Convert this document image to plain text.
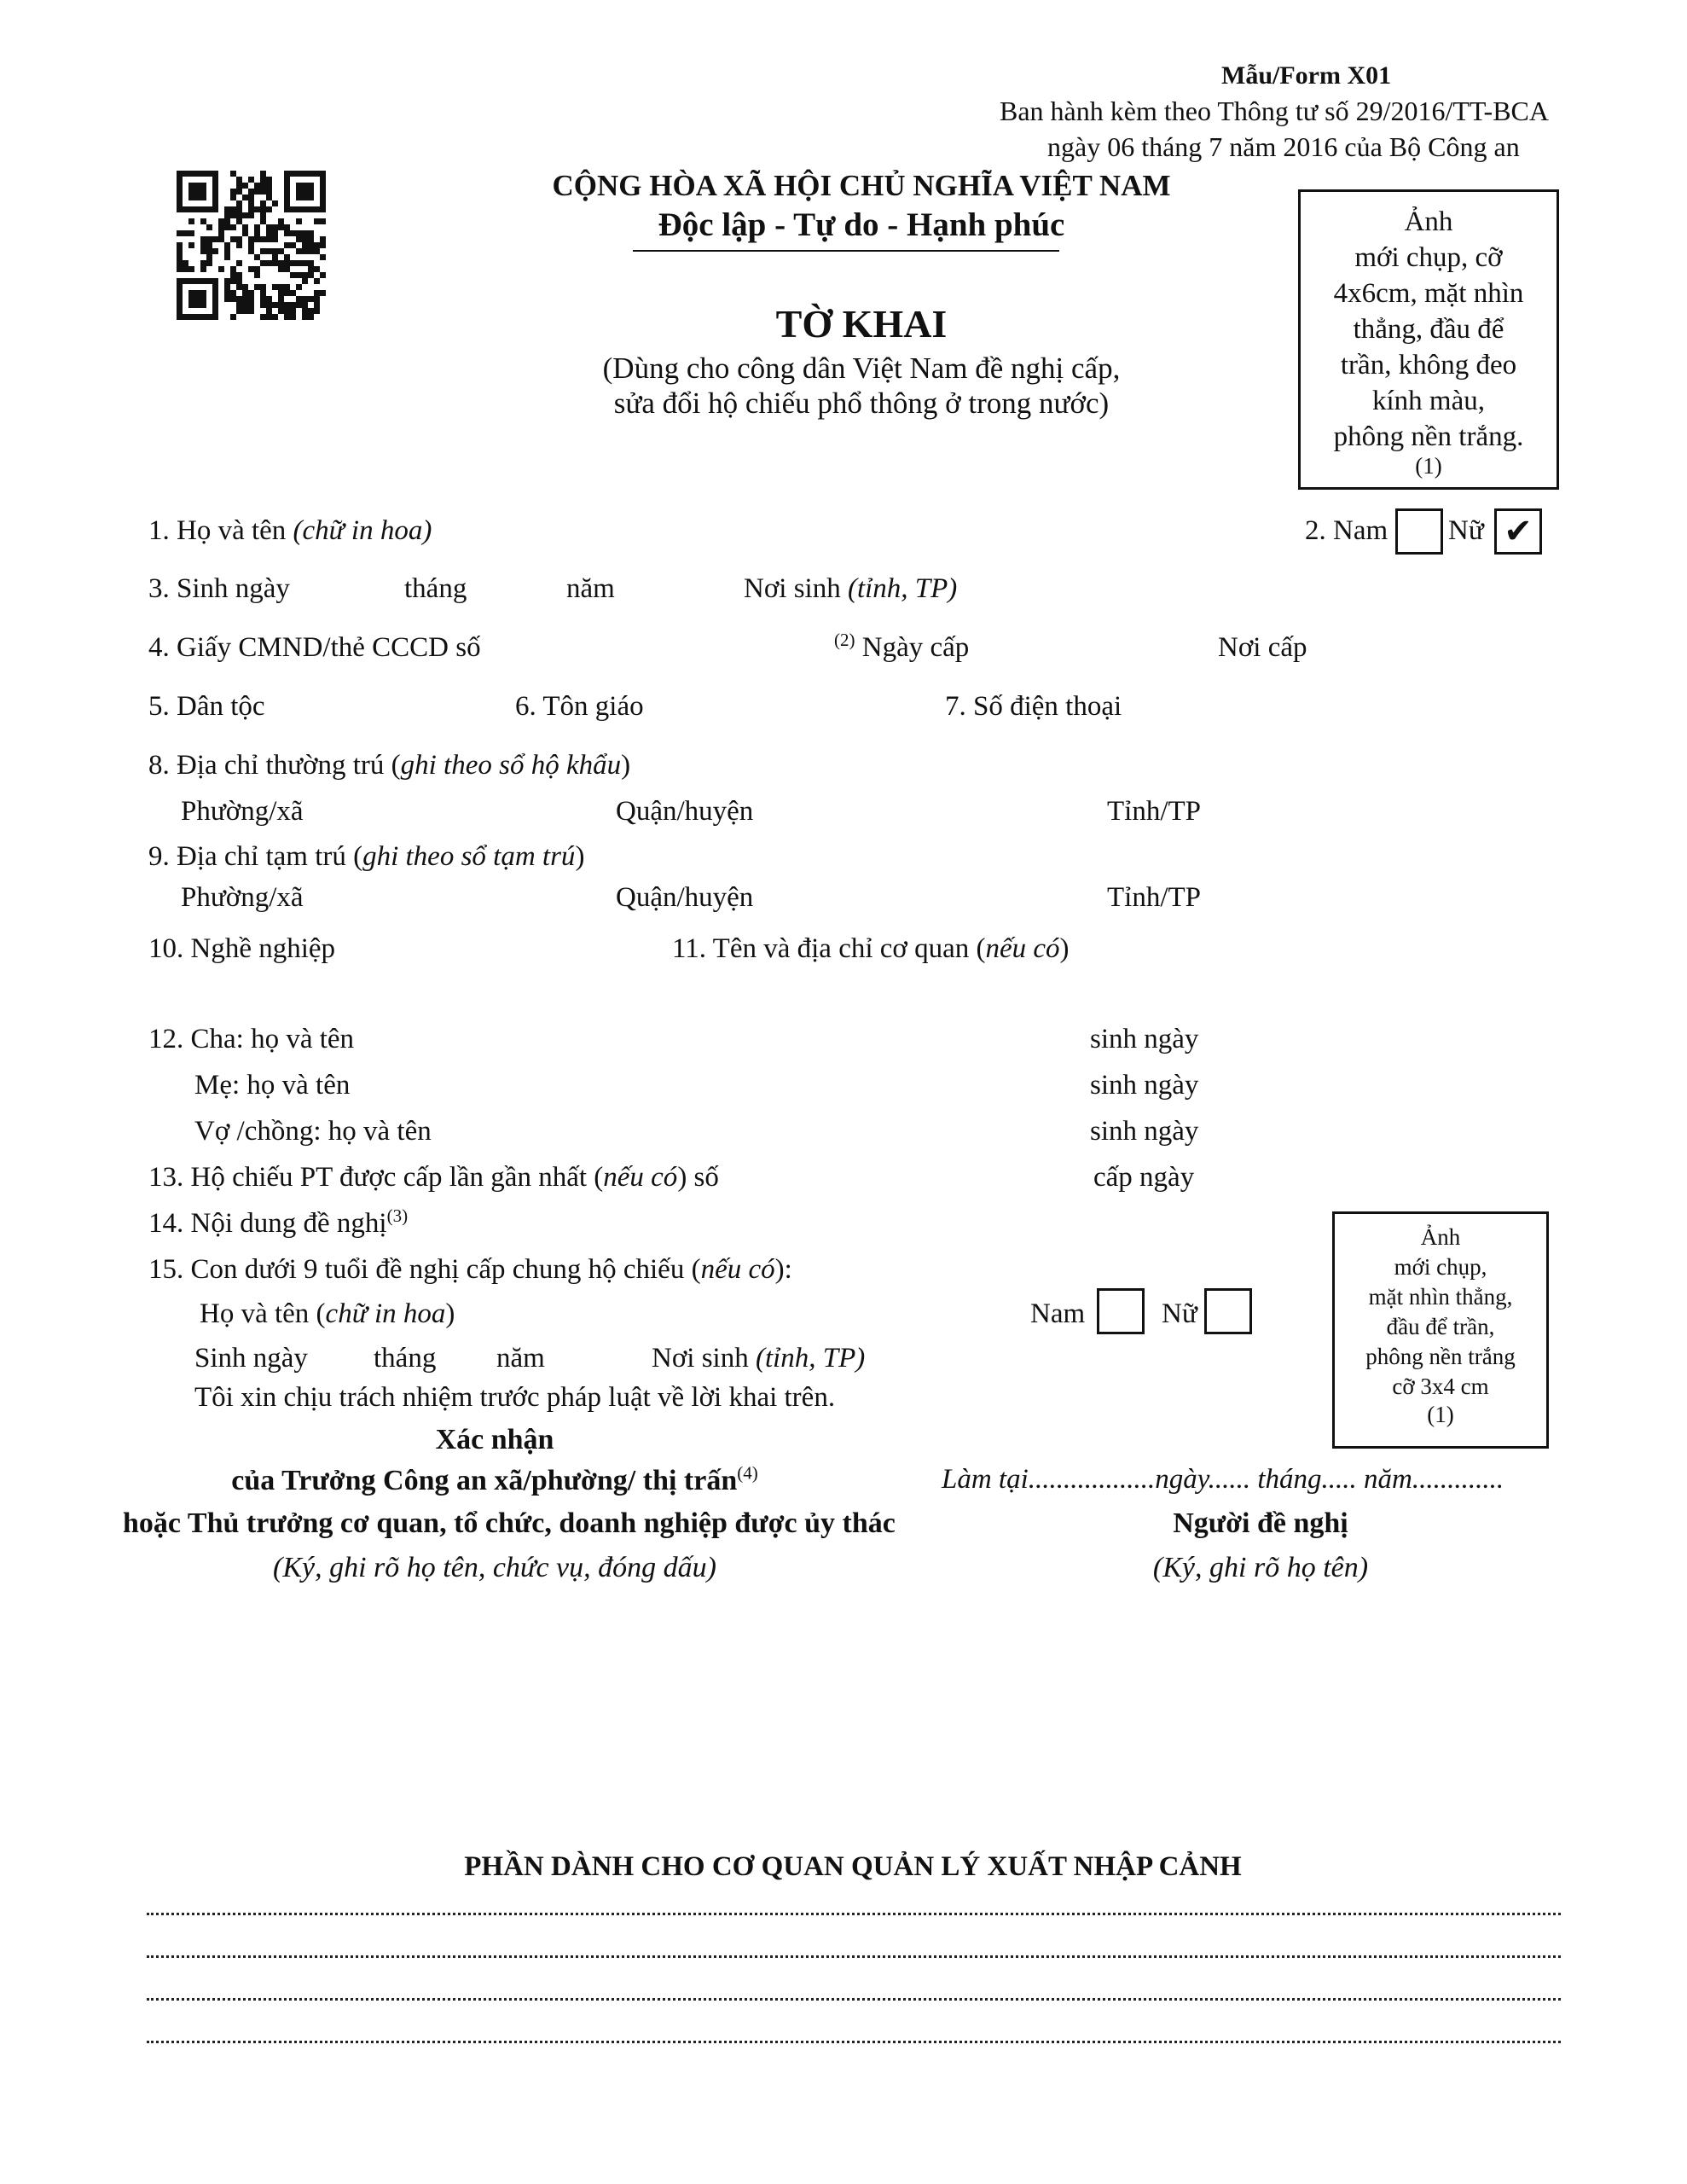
Mẫu/Form X01
Ban hành kèm theo Thông tư số 29/2016/TT-BCA
ngày 06 tháng 7 năm 2016 của Bộ Công an
CỘNG HÒA XÃ HỘI CHỦ NGHĨA VIỆT NAM
Độc lập - Tự do - Hạnh phúc
TỜ KHAI
(Dùng cho công dân Việt Nam đề nghị cấp,
sửa đổi hộ chiếu phổ thông ở trong nước)
Ảnh
mới chụp, cỡ
4x6cm, mặt nhìn
thẳng, đầu để
trần, không đeo
kính màu,
phông nền trắng.
(1)
1. Họ và tên (chữ in hoa)	2. Nam Nữ ✔
3. Sinh ngày	tháng	năm	Nơi sinh (tỉnh, TP)
4. Giấy CMND/thẻ CCCD số	$^{(2)}$ Ngày cấp	Nơi cấp
5. Dân tộc	6. Tôn giáo	7. Số điện thoại
8. Địa chỉ thường trú (ghi theo sổ hộ khẩu)
Phường/xã	Quận/huyện	Tỉnh/TP
9. Địa chỉ tạm trú (ghi theo sổ tạm trú)
Phường/xã	Quận/huyện	Tỉnh/TP
10. Nghề nghiệp	11. Tên và địa chỉ cơ quan (nếu có)
12. Cha: họ và tên	sinh ngày
Mẹ: họ và tên	sinh ngày
Vợ /chồng: họ và tên	sinh ngày
13. Hộ chiếu PT được cấp lần gần nhất (nếu có) số	cấp ngày
14. Nội dung đề nghị$^{(3)}$
15. Con dưới 9 tuổi đề nghị cấp chung hộ chiếu (nếu có):
Họ và tên (chữ in hoa)	Nam	Nữ
Sinh ngày tháng năm	Nơi sinh (tỉnh, TP)
Tôi xin chịu trách nhiệm trước pháp luật về lời khai trên.
Ảnh
mới chụp,
mặt nhìn thẳng,
đầu để trần,
phông nền trắng
cỡ 3x4 cm
(1)
Xác nhận
của Trưởng Công an xã/phường/ thị trấn$^{(4)}$
hoặc Thủ trưởng cơ quan, tổ chức, doanh nghiệp được ủy thác
(Ký, ghi rõ họ tên, chức vụ, đóng dấu)
Làm tại..................ngày...... tháng..... năm.............
Người đề nghị
(Ký, ghi rõ họ tên)
PHẦN DÀNH CHO CƠ QUAN QUẢN LÝ XUẤT NHẬP CẢNH
